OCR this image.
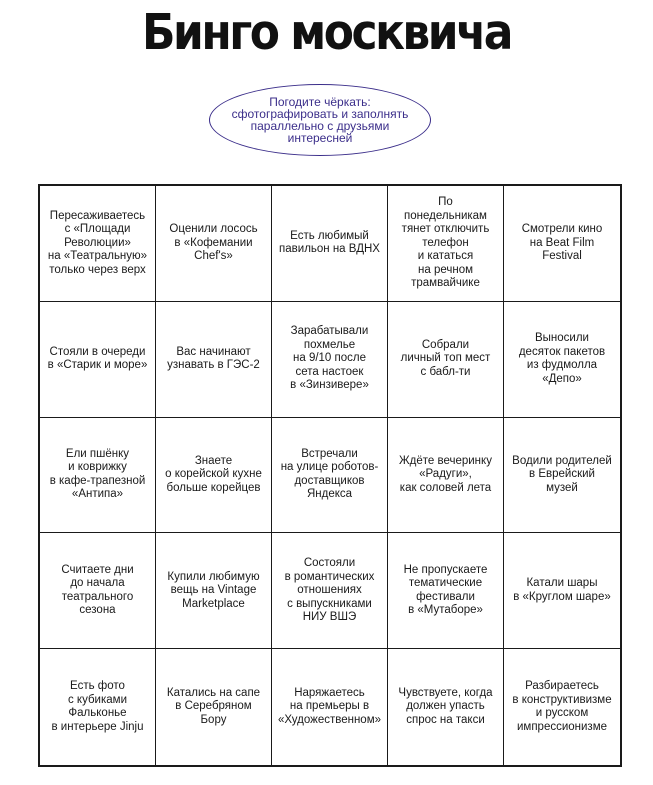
Бинго москвича
Погодите чёркать:
сфотографировать и заполнять
параллельно с друзьями
интересней
Пересаживаетесь
с «Площади
Революции»
на «Театральную»
только через верх
Оценили лосось
в «Кофемании
Chef's»
Есть любимый
павильон на ВДНХ
По
понедельникам
тянет отключить
телефон
и кататься
на речном
трамвайчике
Смотрели кино
на Beat Film
Festival
Стояли в очереди
в «Старик и море»
Вас начинают
узнавать в ГЭС-2
Зарабатывали
похмелье
на 9/10 после
сета настоек
в «Зинзивере»
Собрали
личный топ мест
с бабл-ти
Выносили
десяток пакетов
из фудмолла
«Депо»
Ели пшёнку
и коврижку
в кафе-трапезной
«Антипа»
Знаете
о корейской кухне
больше корейцев
Встречали
на улице роботов-
доставщиков
Яндекса
Ждёте вечеринку
«Радуги»,
как соловей лета
Водили родителей
в Еврейский
музей
Считаете дни
до начала
театрального
сезона
Купили любимую
вещь на Vintage
Marketplace
Состояли
в романтических
отношениях
с выпускниками
НИУ ВШЭ
Не пропускаете
тематические
фестивали
в «Мутаборе»
Катали шары
в «Круглом шаре»
Есть фото
с кубиками
Фальконье
в интерьере Jinju
Катались на сапе
в Серебряном
Бору
Наряжаетесь
на премьеры в
«Художественном»
Чувствуете, когда
должен упасть
спрос на такси
Разбираетесь
в конструктивизме
и русском
импрессионизме
